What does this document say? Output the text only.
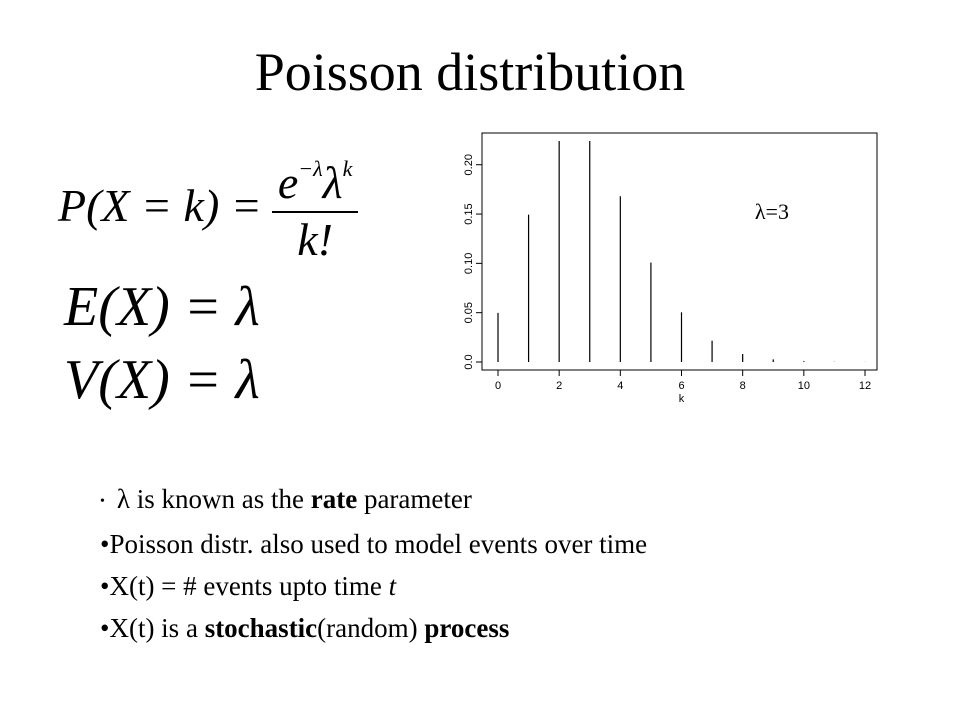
Poisson distribution
$P(X = k) = \frac{e^{-\lambda}\lambda^k}{k!}$
E(X) = λ
V(X) = λ	0	2	4	6	8	10	12
0.0
0.05
0.10
0.15
0.20
k
λ=3
• λ is known as the rate parameter
•Poisson distr. also used to model events over time
•X(t) = # events upto time t
•X(t) is a stochastic(random) process
